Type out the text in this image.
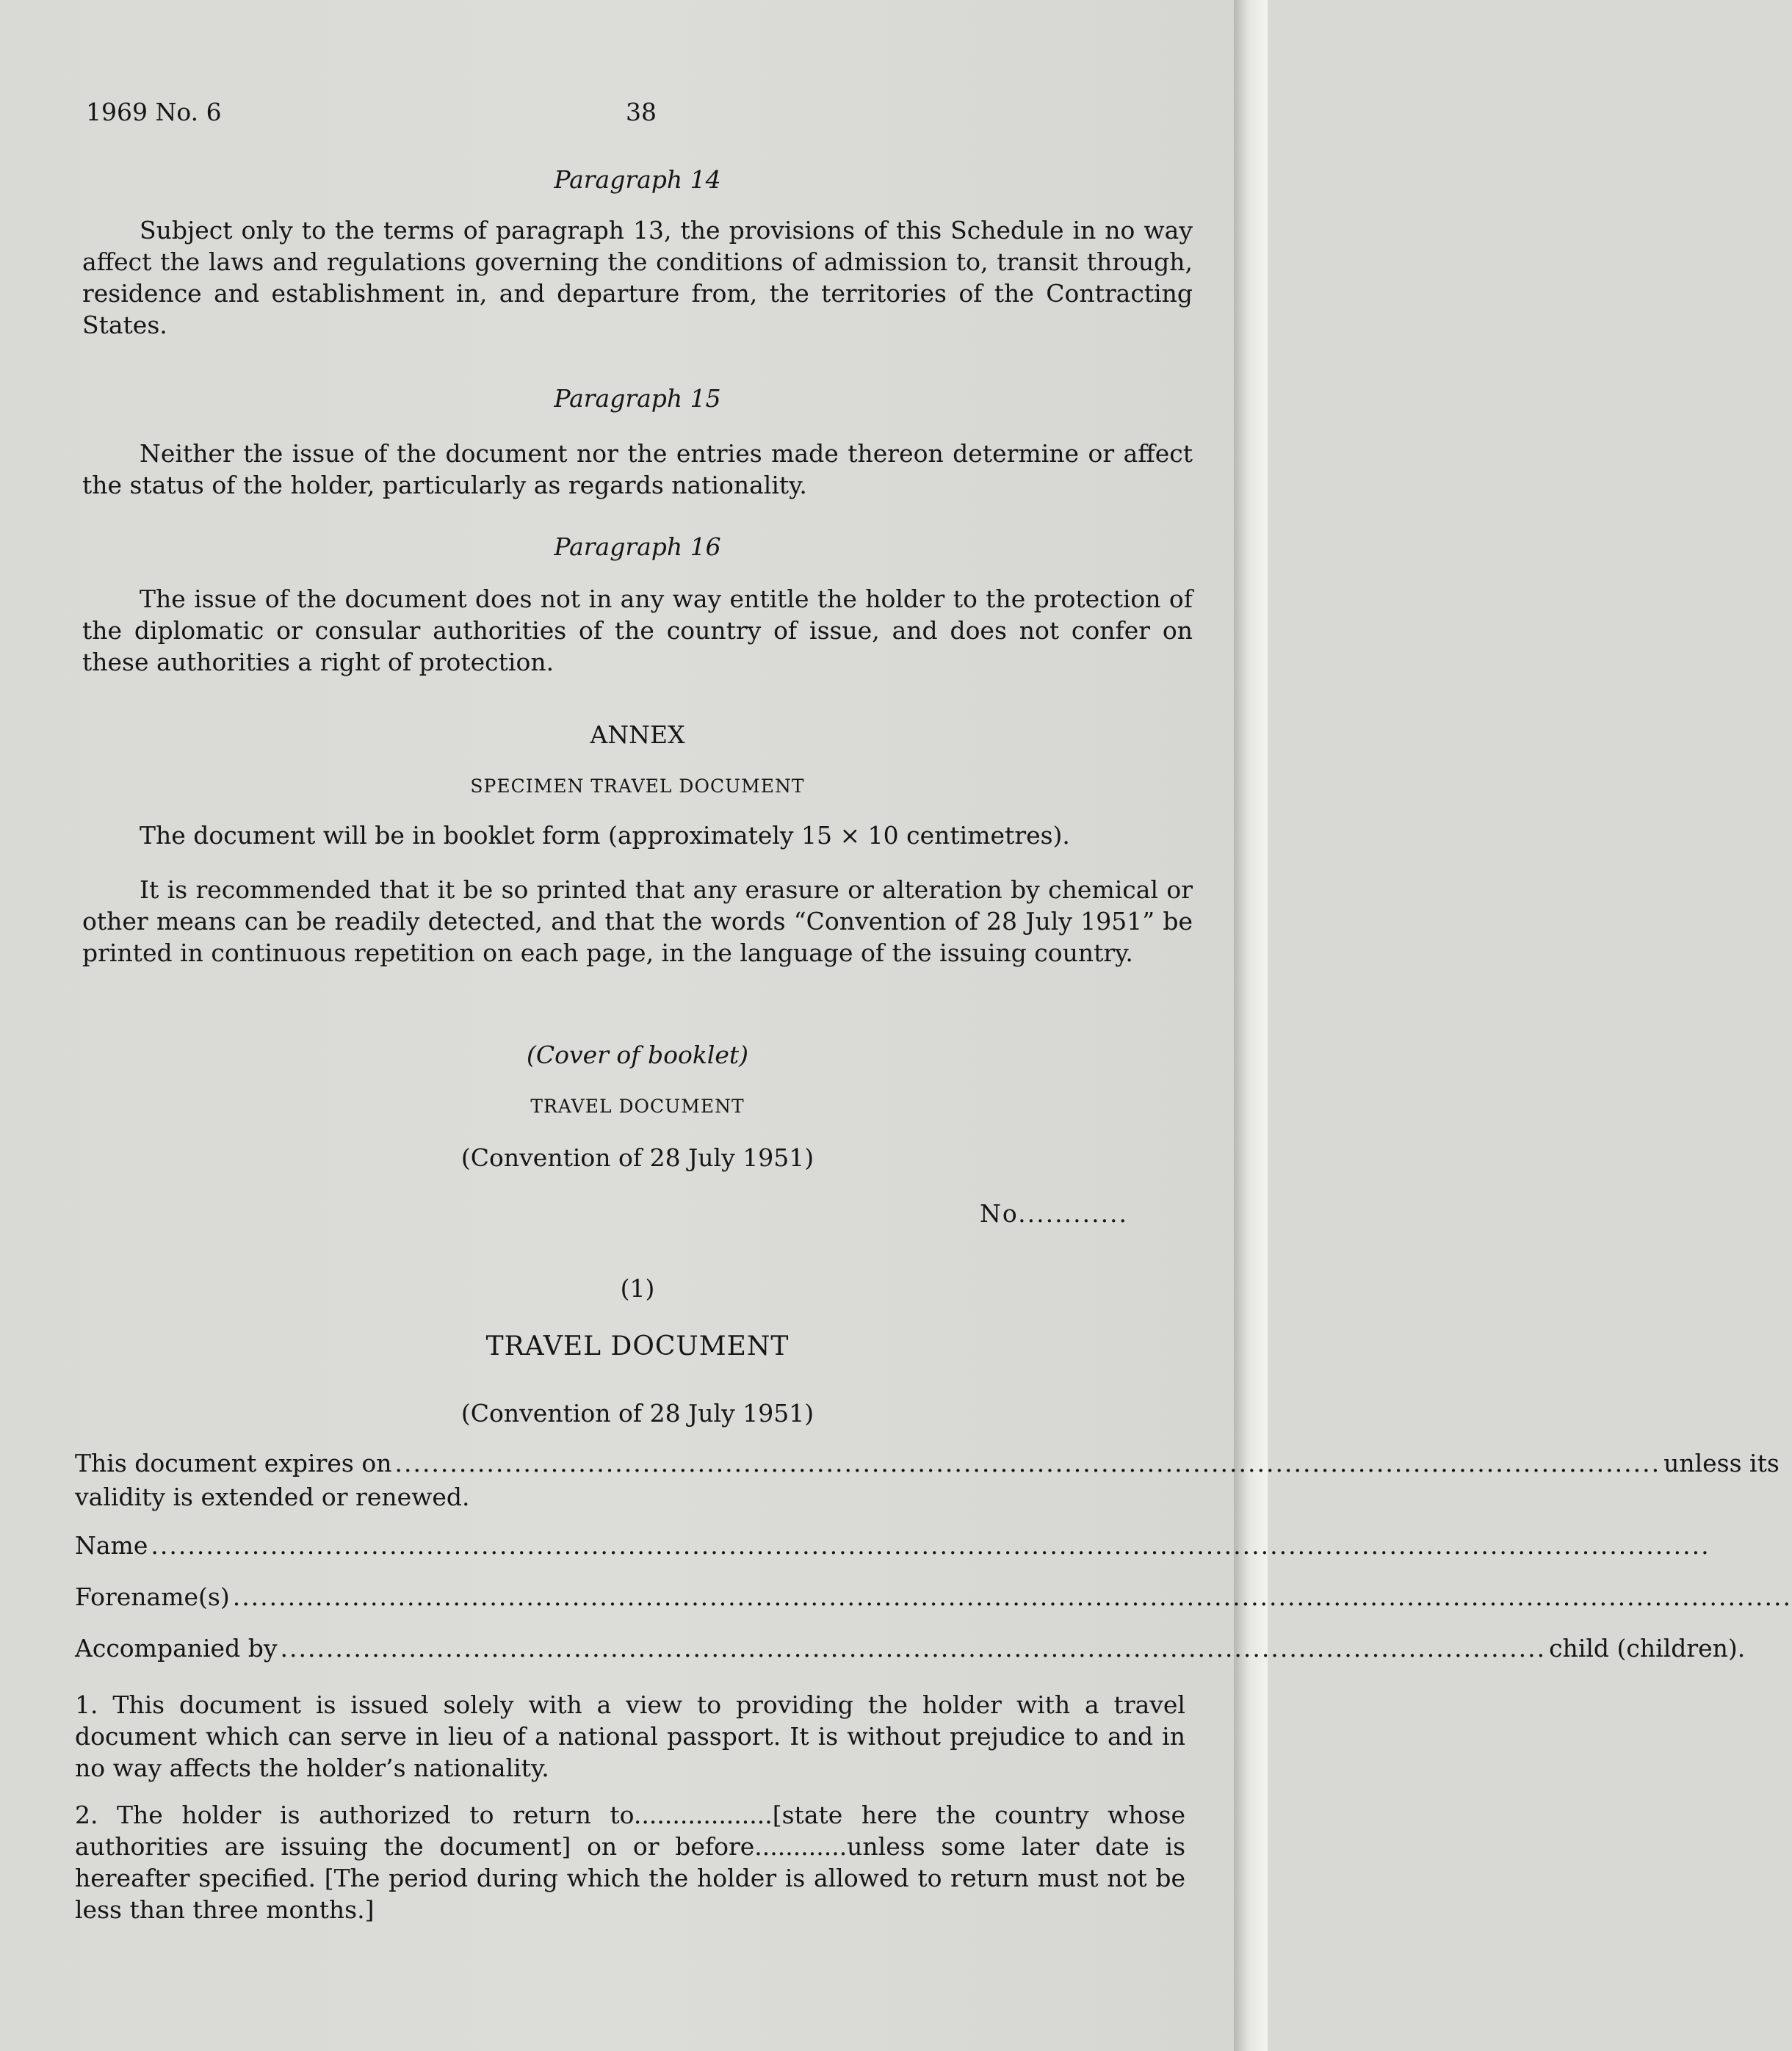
1969 No. 6	38
Paragraph 14
Subject only to the terms of paragraph 13, the provisions of this Schedule in no way affect the laws and regulations governing the conditions of admission to, transit through, residence and establishment in, and departure from, the territories of the Contracting States.
Paragraph 15
Neither the issue of the document nor the entries made thereon determine or affect the status of the holder, particularly as regards nationality.
Paragraph 16
The issue of the document does not in any way entitle the holder to the protection of the diplomatic or consular authorities of the country of issue, and does not confer on these authorities a right of protection.
ANNEX
SPECIMEN TRAVEL DOCUMENT
The document will be in booklet form (approximately 15 × 10 centimetres).
It is recommended that it be so printed that any erasure or alteration by chemical or other means can be readily detected, and that the words “Convention of 28 July 1951” be printed in continuous repetition on each page, in the language of the issuing country.
(Cover of booklet)
TRAVEL DOCUMENT
(Convention of 28 July 1951)
No............
(1)
TRAVEL DOCUMENT
(Convention of 28 July 1951)
This document expires on .......................................................................................................................................... unless its
validity is extended or renewed.
Name ..........................................................................................................................................................................
Forename(s) ..........................................................................................................................................................................
Accompanied by .......................................................................................................................................... child (children).
1. This document is issued solely with a view to providing the holder with a travel document which can serve in lieu of a national passport. It is without prejudice to and in no way affects the holder’s nationality.
2. The holder is authorized to return to..................[state here the country whose authorities are issuing the document] on or before............unless some later date is hereafter specified. [The period during which the holder is allowed to return must not be less than three months.]
